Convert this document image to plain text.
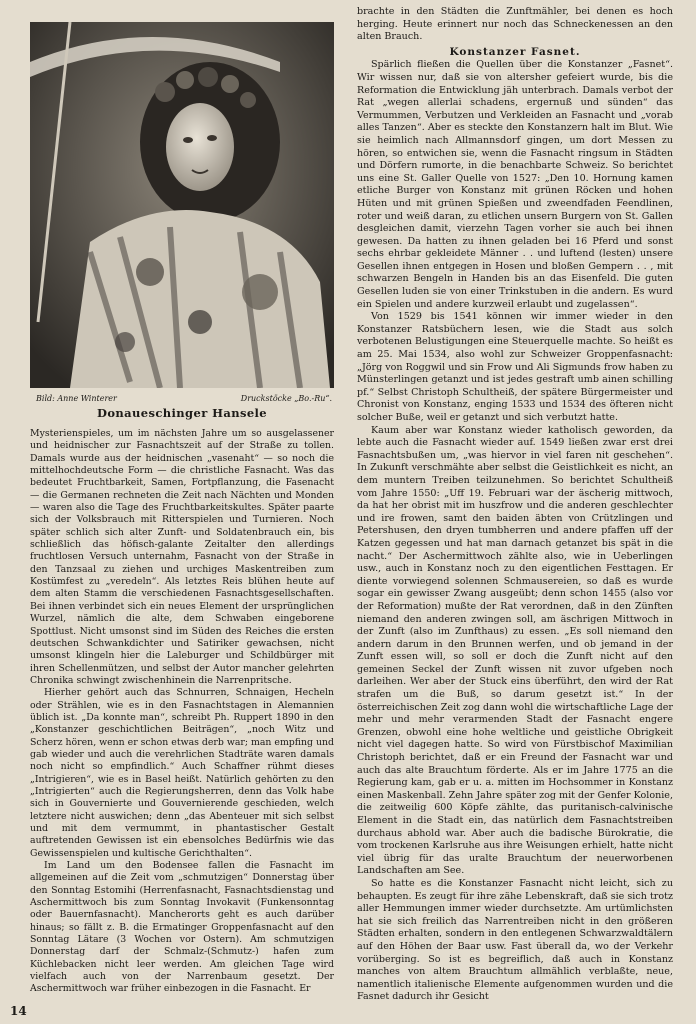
Bild: Anne Winterer	Druckstöcke „Bo.-Ru“.
Donaueschinger Hansele

Mysterienspieles, um im nächsten Jahre um so ausgelassener und heidnischer zur Fasnachtszeit auf der Straße zu tollen. Damals wurde aus der heidnischen „vasenaht“ — so noch die mittelhochdeutsche Form — die christliche Fasnacht. Was das bedeutet Fruchtbarkeit, Samen, Fortpflanzung, die Fasenacht — die Germanen rechneten die Zeit nach Nächten und Monden — waren also die Tage des Fruchtbarkeitskultes. Später paarte sich der Volksbrauch mit Ritterspielen und Turnieren. Noch später schlich sich alter Zunft- und Soldatenbrauch ein, bis schließlich das höfisch-galante Zeitalter den allerdings fruchtlosen Versuch unternahm, Fasnacht von der Straße in den Tanzsaal zu ziehen und urchiges Maskentreiben zum Kostümfest zu „veredeln“. Als letztes Reis blühen heute auf dem alten Stamm die verschiedenen Fasnachtsgesellschaften. Bei ihnen verbindet sich ein neues Element der ursprünglichen Wurzel, nämlich die alte, dem Schwaben eingeborene Spottlust. Nicht umsonst sind im Süden des Reiches die ersten deutschen Schwankdichter und Satiriker gewachsen, nicht umsonst klingeln hier die Laleburger und Schildbürger mit ihren Schellenmützen, und selbst der Autor mancher gelehrten Chronika schwingt zwischenhinein die Narrenpritsche.

Hierher gehört auch das Schnurren, Schnaigen, Hecheln oder Strählen, wie es in den Fasnachtstagen in Alemannien üblich ist. „Da konnte man“, schreibt Ph. Ruppert 1890 in den „Konstanzer geschichtlichen Beiträgen“, „noch Witz und Scherz hören, wenn er schon etwas derb war; man empfing und gab wieder und auch die verehrlichen Stadträte waren damals noch nicht so empfindlich.“ Auch Schaffner rühmt dieses „Intrigieren“, wie es in Basel heißt. Natürlich gehörten zu den „Intrigierten“ auch die Regierungsherren, denn das Volk habe sich in Gouvernierte und Gouvernierende geschieden, welch letztere nicht auswichen; denn „das Abenteuer mit sich selbst und mit dem vermummt, in phantastischer Gestalt auftretenden Gewissen ist ein ebensolches Bedürfnis wie das Gewissenspielen und kultische Gerichthalten“.

Im Land um den Bodensee fallen die Fasnacht im allgemeinen auf die Zeit vom „schmutzigen“ Donnerstag über den Sonntag Estomihi (Herrenfasnacht, Fasnachtsdienstag und Aschermittwoch bis zum Sonntag Invokavit (Funkensonntag oder Bauernfasnacht). Mancherorts geht es auch darüber hinaus; so fällt z. B. die Ermatinger Groppenfasnacht auf den Sonntag Lätare (3 Wochen vor Ostern). Am schmutzigen Donnerstag darf der Schmalz-(Schmutz-) hafen zum Küchlebacken nicht leer werden. Am gleichen Tage wird vielfach auch von der Narrenbaum gesetzt. Der Aschermittwoch war früher einbezogen in die Fasnacht. Er

brachte in den Städten die Zunftmähler, bei denen es hoch herging. Heute erinnert nur noch das Schneckenessen an den alten Brauch.

Konstanzer Fasnet.

Spärlich fließen die Quellen über die Konstanzer „Fasnet“. Wir wissen nur, daß sie von altersher gefeiert wurde, bis die Reformation die Entwicklung jäh unterbrach. Damals verbot der Rat „wegen allerlai schadens, ergernuß und sünden“ das Vermummen, Verbutzen und Verkleiden an Fasnacht und „vorab alles Tanzen“. Aber es steckte den Konstanzern halt im Blut. Wie sie heimlich nach Allmannsdorf gingen, um dort Messen zu hören, so entwichen sie, wenn die Fasnacht ringsum in Städten und Dörfern rumorte, in die benachbarte Schweiz. So berichtet uns eine St. Galler Quelle von 1527: „Den 10. Hornung kamen etliche Burger von Konstanz mit grünen Röcken und hohen Hüten und mit grünen Spießen und zweendfaden Feendlinen, roter und weiß daran, zu etlichen unsern Burgern von St. Gallen desgleichen damit, vierzehn Tagen vorher sie auch bei ihnen gewesen. Da hatten zu ihnen geladen bei 16 Pferd und sonst sechs ehrbar gekleidete Männer . . und luftend (lesten) unsere Gesellen ihnen entgegen in Hosen und bloßen Gempern . . , mit schwarzen Bengeln in Handen bis an das Eisenfeld. Die guten Gesellen luden sie von einer Trinkstuben in die andern. Es wurd ein Spielen und andere kurzweil erlaubt und zugelassen“.

Von 1529 bis 1541 können wir immer wieder in den Konstanzer Ratsbüchern lesen, wie die Stadt aus solch verbotenen Belustigungen eine Steuerquelle machte. So heißt es am 25. Mai 1534, also wohl zur Schweizer Groppenfasnacht: „Jörg von Roggwil und sin Frow und Ali Sigmunds frow haben zu Münsterlingen getanzt und ist jedes gestraft umb ainen schilling pf.“ Selbst Christoph Schultheiß, der spätere Bürgermeister und Chronist von Konstanz, enging 1533 und 1534 des öfteren nicht solcher Buße, weil er getanzt und sich verbutzt hatte.

Kaum aber war Konstanz wieder katholisch geworden, da lebte auch die Fasnacht wieder auf. 1549 ließen zwar erst drei Fasnachtsbußen um, „was hiervor in viel faren nit geschehen“. In Zukunft verschmähte aber selbst die Geistlichkeit es nicht, an dem muntern Treiben teilzunehmen. So berichtet Schultheiß vom Jahre 1550: „Uff 19. Februari war der äscherig mittwoch, da hat her obrist mit im huszfrow und die anderen geschlechter und ire frowen, samt den baiden äbten von Crützlingen und Petershusen, den dryen tumbherren und andere pfaffen uff der Katzen gegessen und hat man darnach getanzet bis spät in die nacht.“ Der Aschermittwoch zählte also, wie in Ueberlingen usw., auch in Konstanz noch zu den eigentlichen Festtagen. Er diente vorwiegend solennen Schmausereien, so daß es wurde sogar ein gewisser Zwang ausgeübt; denn schon 1455 (also vor der Reformation) mußte der Rat verordnen, daß in den Zünften niemand den anderen zwingen soll, am äschrigen Mittwoch in der Zunft (also im Zunfthaus) zu essen. „Es soll niemand den andern darum in den Brunnen werfen, und ob jemand in der Zunft essen will, so soll er doch die Zunft nicht auf den gemeinen Seckel der Zunft wissen nit zuvor ufgeben noch darleihen. Wer aber der Stuck eins überführt, den wird der Rat strafen um die Buß, so darum gesetzt ist.“ In der österreichischen Zeit zog dann wohl die wirtschaftliche Lage der mehr und mehr verarmenden Stadt der Fasnacht engere Grenzen, obwohl eine hohe weltliche und geistliche Obrigkeit nicht viel dagegen hatte. So wird von Fürstbischof Maximilian Christoph berichtet, daß er ein Freund der Fasnacht war und auch das alte Brauchtum förderte. Als er im Jahre 1775 an die Regierung kam, gab er u. a. mitten im Hochsommer in Konstanz einen Maskenball. Zehn Jahre später zog mit der Genfer Kolonie, die zeitweilig 600 Köpfe zählte, das puritanisch-calvinische Element in die Stadt ein, das natürlich dem Fasnachtstreiben durchaus abhold war. Aber auch die badische Bürokratie, die vom trockenen Karlsruhe aus ihre Weisungen erhielt, hatte nicht viel übrig für das uralte Brauchtum der neuerworbenen Landschaften am See.

So hatte es die Konstanzer Fasnacht nicht leicht, sich zu behaupten. Es zeugt für ihre zähe Lebenskraft, daß sie sich trotz aller Hemmungen immer wieder durchsetzte. Am urtümlichsten hat sie sich freilich das Narrentreiben nicht in den größeren Städten erhalten, sondern in den entlegenen Schwarzwaldtälern auf den Höhen der Baar usw. Fast überall da, wo der Verkehr vorüberging. So ist es begreiflich, daß auch in Konstanz manches von altem Brauchtum allmählich verblaßte, neue, namentlich italienische Elemente aufgenommen wurden und die Fasnet dadurch ihr Gesicht

14
